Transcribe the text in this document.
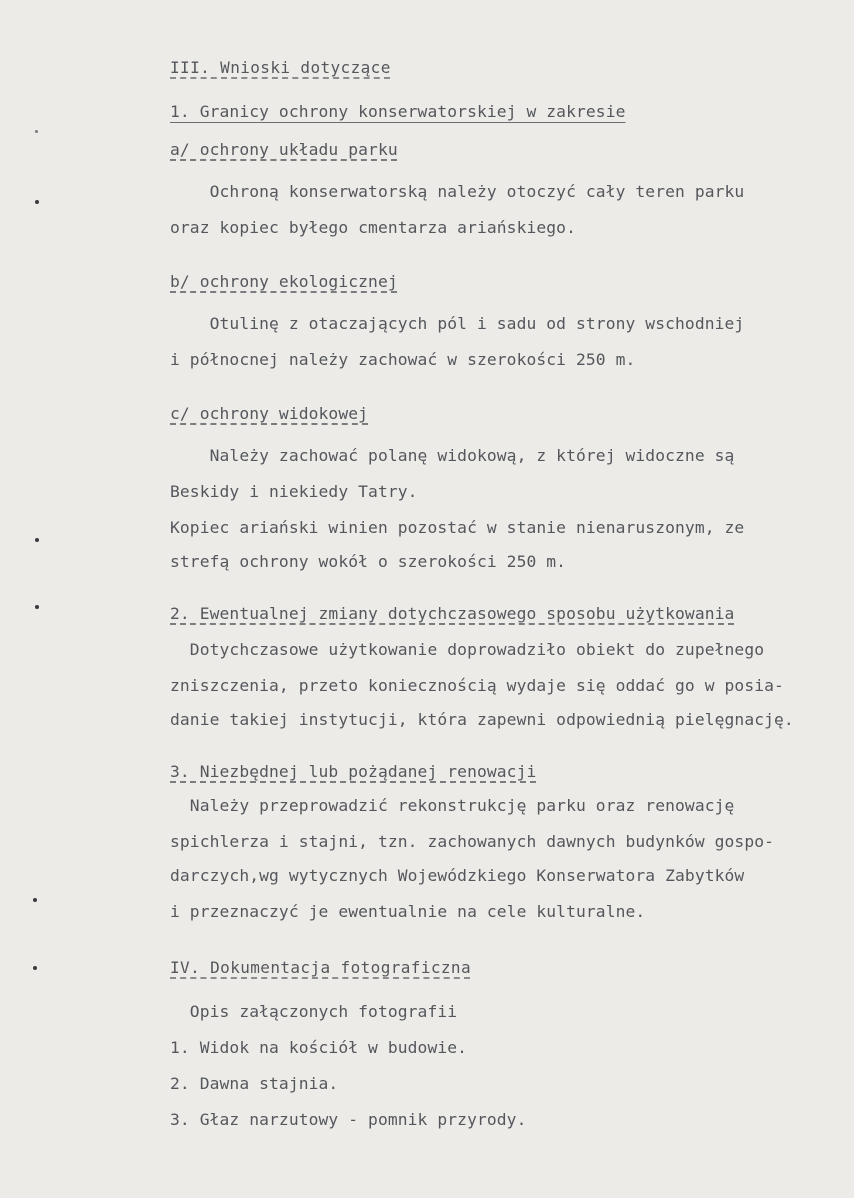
III. Wnioski dotyczące
1. Granicy ochrony konserwatorskiej w zakresie
a/ ochrony układu parku
Ochroną konserwatorską należy otoczyć cały teren parku
oraz kopiec byłego cmentarza ariańskiego.
b/ ochrony ekologicznej
Otulinę z otaczających pól i sadu od strony wschodniej
i północnej należy zachować w szerokości 250 m.
c/ ochrony widokowej
Należy zachować polanę widokową, z której widoczne są
Beskidy i niekiedy Tatry.
Kopiec ariański winien pozostać w stanie nienaruszonym, ze
strefą ochrony wokół o szerokości 250 m.
2. Ewentualnej zmiany dotychczasowego sposobu użytkowania
Dotychczasowe użytkowanie doprowadziło obiekt do zupełnego
zniszczenia, przeto koniecznością wydaje się oddać go w posia-
danie takiej instytucji, która zapewni odpowiednią pielęgnację.
3. Niezbędnej lub pożądanej renowacji
Należy przeprowadzić rekonstrukcję parku oraz renowację
spichlerza i stajni, tzn. zachowanych dawnych budynków gospo-
darczych,wg wytycznych Wojewódzkiego Konserwatora Zabytków
i przeznaczyć je ewentualnie na cele kulturalne.
IV. Dokumentacja fotograficzna
Opis załączonych fotografii
1. Widok na kościół w budowie.
2. Dawna stajnia.
3. Głaz narzutowy - pomnik przyrody.
